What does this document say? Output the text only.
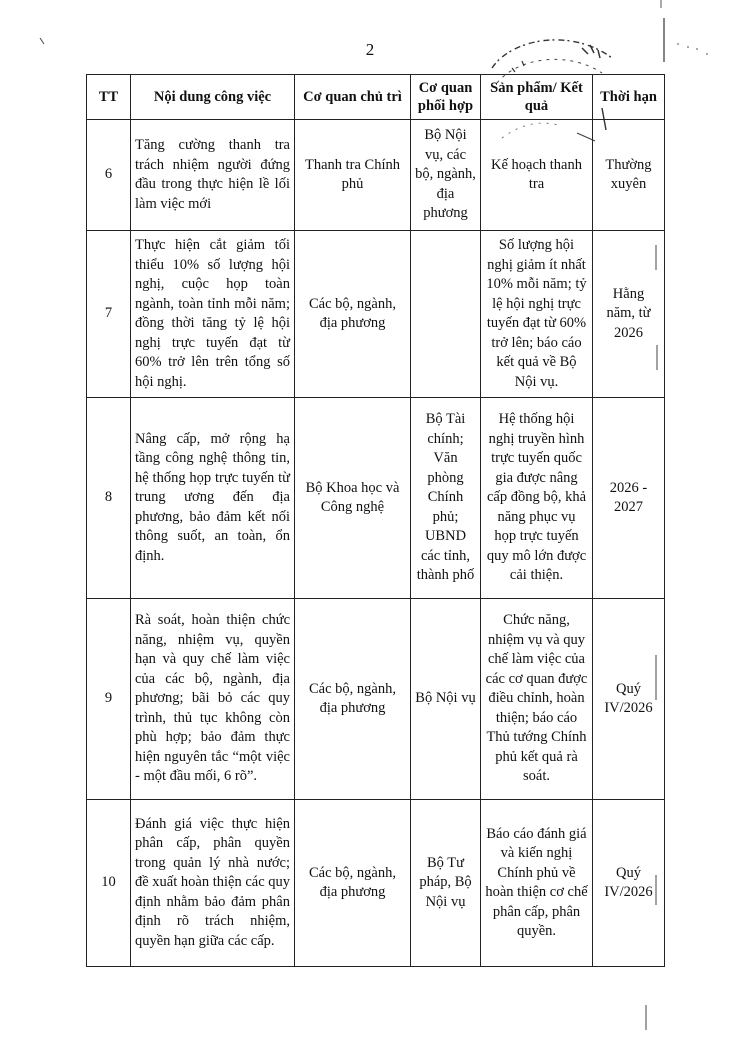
2
TT	Nội dung công việc	Cơ quan chủ trì	Cơ quan phối hợp	Sản phẩm/ Kết quả	Thời hạn
6	Tăng cường thanh tra trách nhiệm người đứng đầu trong thực hiện lề lối làm việc mới	Thanh tra Chính phủ	Bộ Nội vụ, các bộ, ngành, địa phương	Kế hoạch thanh tra	Thường xuyên
7	Thực hiện cắt giảm tối thiểu 10% số lượng hội nghị, cuộc họp toàn ngành, toàn tỉnh mỗi năm; đồng thời tăng tỷ lệ hội nghị trực tuyến đạt từ 60% trở lên trên tổng số hội nghị.	Các bộ, ngành, địa phương		Số lượng hội nghị giảm ít nhất 10% mỗi năm; tỷ lệ hội nghị trực tuyến đạt từ 60% trở lên; báo cáo kết quả về Bộ Nội vụ.	Hằng năm, từ 2026
8	Nâng cấp, mở rộng hạ tầng công nghệ thông tin, hệ thống họp trực tuyến từ trung ương đến địa phương, bảo đảm kết nối thông suốt, an toàn, ổn định.	Bộ Khoa học và Công nghệ	Bộ Tài chính; Văn phòng Chính phủ; UBND các tỉnh, thành phố	Hệ thống hội nghị truyền hình trực tuyến quốc gia được nâng cấp đồng bộ, khả năng phục vụ họp trực tuyến quy mô lớn được cải thiện.	2026 - 2027
9	Rà soát, hoàn thiện chức năng, nhiệm vụ, quyền hạn và quy chế làm việc của các bộ, ngành, địa phương; bãi bỏ các quy trình, thủ tục không còn phù hợp; bảo đảm thực hiện nguyên tắc “một việc - một đầu mối, 6 rõ”.	Các bộ, ngành, địa phương	Bộ Nội vụ	Chức năng, nhiệm vụ và quy chế làm việc của các cơ quan được điều chỉnh, hoàn thiện; báo cáo Thủ tướng Chính phủ kết quả rà soát.	Quý IV/2026
10	Đánh giá việc thực hiện phân cấp, phân quyền trong quản lý nhà nước; đề xuất hoàn thiện các quy định nhằm bảo đảm phân định rõ trách nhiệm, quyền hạn giữa các cấp.	Các bộ, ngành, địa phương	Bộ Tư pháp, Bộ Nội vụ	Báo cáo đánh giá và kiến nghị Chính phủ về hoàn thiện cơ chế phân cấp, phân quyền.	Quý IV/2026
